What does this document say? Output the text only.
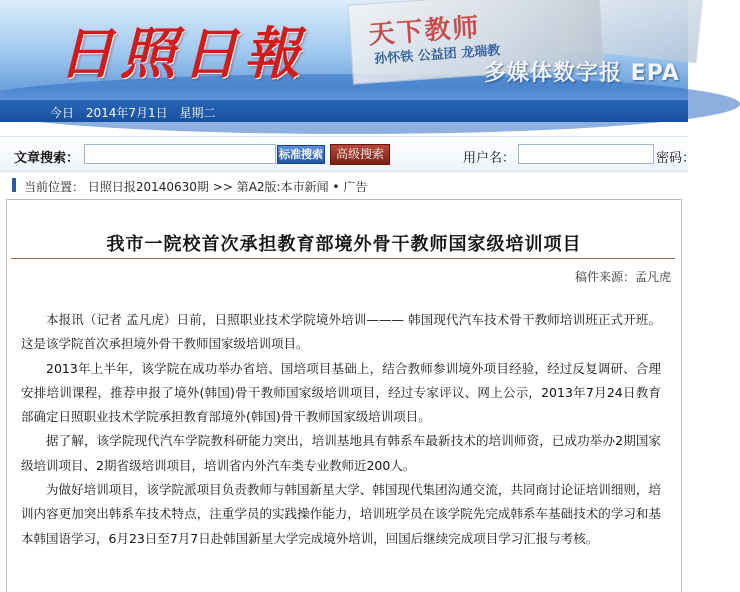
天下教师
孙怀铁 公益团 龙瑞教
日照日報	多媒体数字报 EPA
今日 2014年7月1日 星期二
文章搜索：	标准搜索	高级搜索	用户名：	密码：
当前位置： 日照日报20140630期 >> 第A2版:本市新闻 • 广告
我市一院校首次承担教育部境外骨干教师国家级培训项目
稿件来源：孟凡虎

本报讯（记者 孟凡虎）日前，日照职业技术学院境外培训——— 韩国现代汽车技术骨干教师培训班正式开班。这是该学院首次承担境外骨干教师国家级培训项目。

2013年上半年，该学院在成功举办省培、国培项目基础上，结合教师参训境外项目经验，经过反复调研、合理安排培训课程，推荐申报了境外(韩国)骨干教师国家级培训项目，经过专家评议、网上公示，2013年7月24日教育部确定日照职业技术学院承担教育部境外(韩国)骨干教师国家级培训项目。

据了解，该学院现代汽车学院教科研能力突出，培训基地具有韩系车最新技术的培训师资，已成功举办2期国家级培训项目、2期省级培训项目，培训省内外汽车类专业教师近200人。

为做好培训项目，该学院派项目负责教师与韩国新星大学、韩国现代集团沟通交流，共同商讨论证培训细则，培训内容更加突出韩系车技术特点，注重学员的实践操作能力，培训班学员在该学院先完成韩系车基础技术的学习和基本韩国语学习，6月23日至7月7日赴韩国新星大学完成境外培训，回国后继续完成项目学习汇报与考核。
